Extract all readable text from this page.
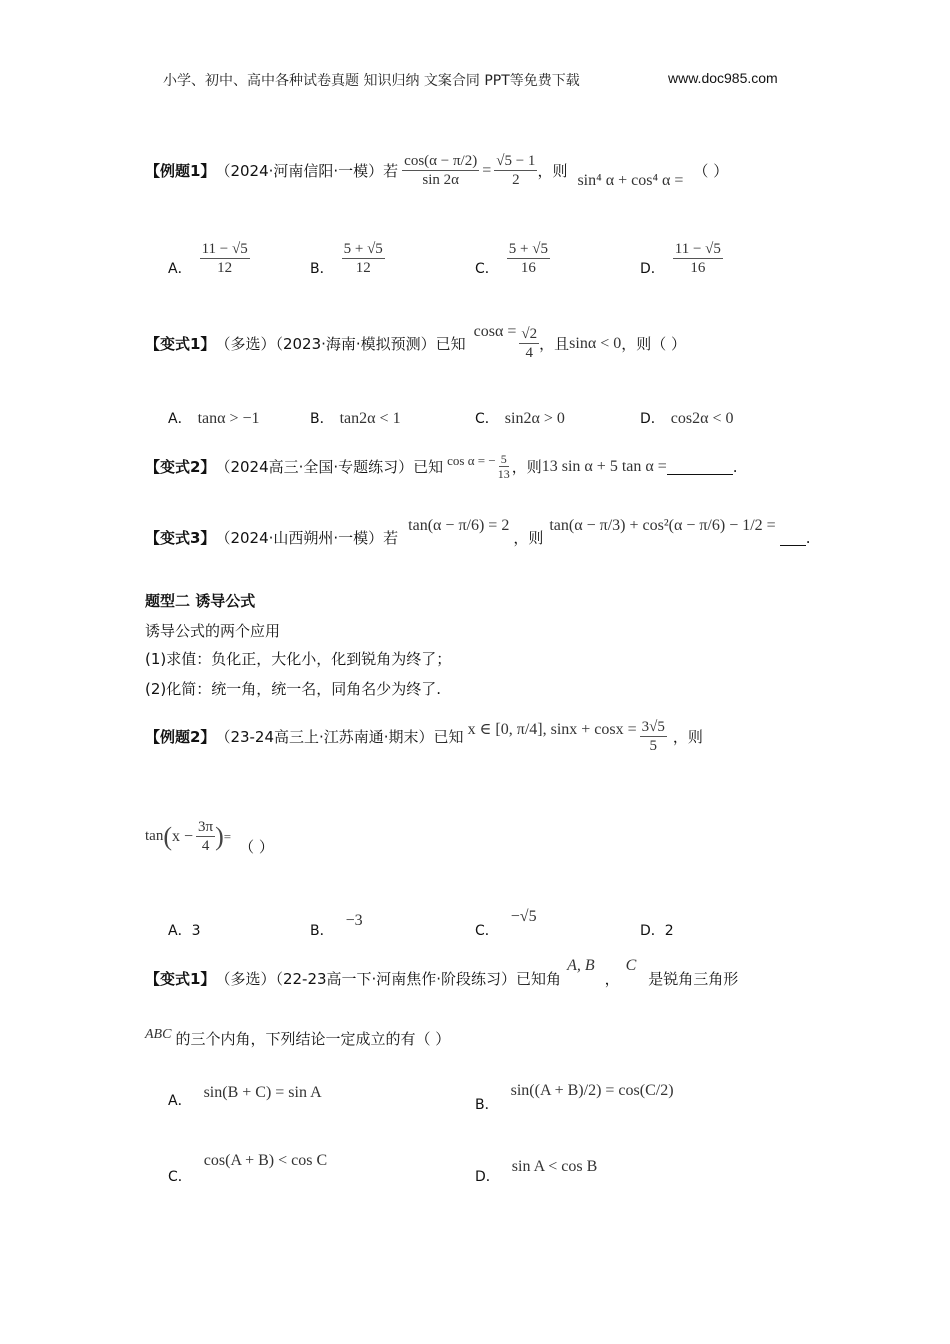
小学、初中、高中各种试卷真题 知识归纳 文案合同 PPT等免费下载	www.doc985.com
【例题1】 （2024·河南信阳·一模）若 $\frac{\cos(\alpha - \pi/2)}{\sin 2\alpha} = \frac{√5 - 1}{2}$ ，则 sin⁴ α + cos⁴ α = （ ）
A． $\frac{11 - √5}{12}$	B． $\frac{5 + √5}{12}$	C． $\frac{5 + √5}{16}$	D． $\frac{11 - √5}{16}$
【变式1】 （多选）（2023·海南·模拟预测）已知
$\cos\alpha = \frac{√2}{4}$ ，且 sinα < 0 ，则（ ）
A． tanα > −1	B． tan2α < 1	C． sin2α > 0	D． cos2α < 0
【变式2】 （2024高三·全国·专题练习）已知 cos α = − $\frac{5}{13}$ ，则 13 sin α + 5 tan α =	.
【变式3】 （2024·山西朔州·一模）若
tan(α − π/6) = 2
，则
tan(α − π/3) + cos²(α − π/6) − 1/2 =
.
题型二 诱导公式
诱导公式的两个应用
(1)求值：负化正，大化小，化到锐角为终了；
(2)化简：统一角，统一名，同角名少为终了.
【例题2】 （23-24高三上·江苏南通·期末）已知 x ∈ [0, π/4], $\sin x + \cos x = \frac{3√5}{5}$ ，则
tan ( $x - \frac{3\pi}{4}$ ) =
（ ）
A．3	B．
−3
C．
−√5
D．2
【变式1】 （多选）（22-23高一下·河南焦作·阶段练习）已知角
A, B
，
C
是锐角三角形
ABC 的三个内角，下列结论一定成立的有（ ）
A． sin(B + C) = sin A
B．
sin((A + B)/2) = cos(C/2)
C．
cos(A + B) < cos C
D．
sin A < cos B
